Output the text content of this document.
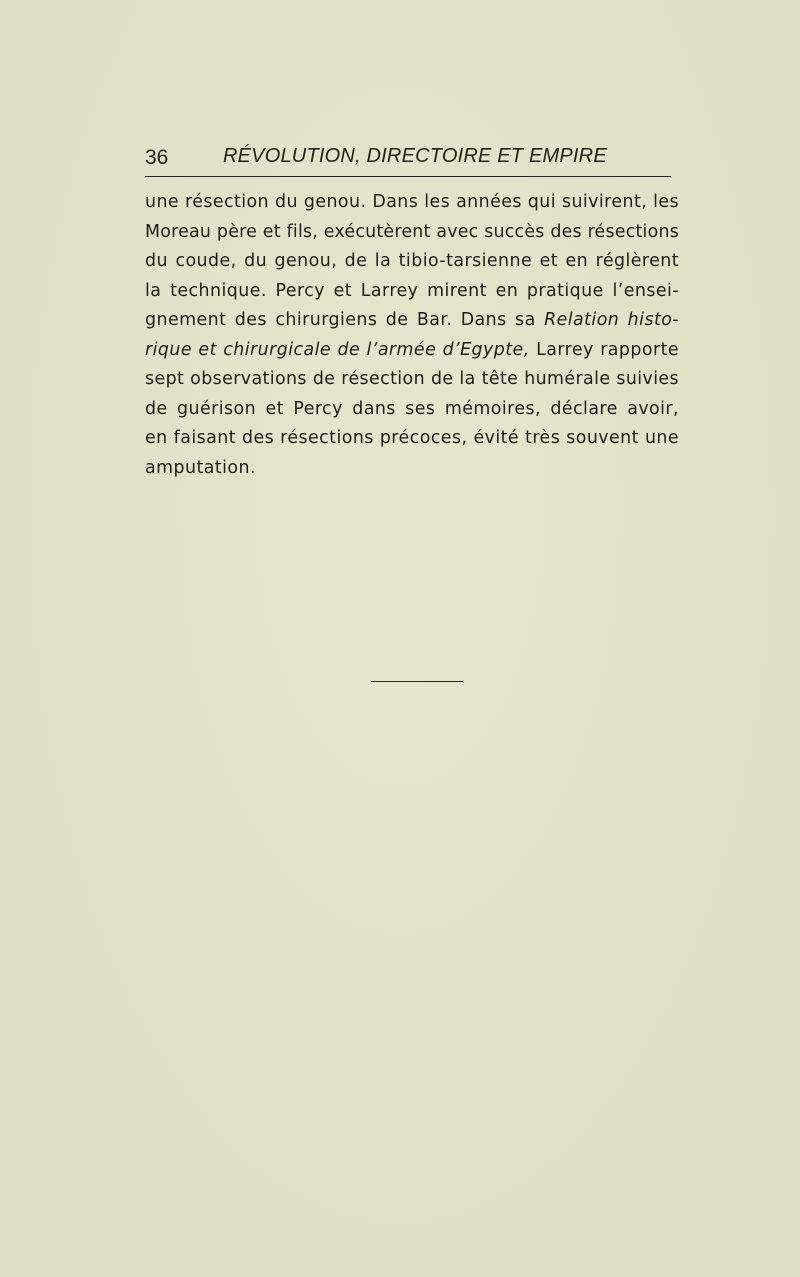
36	RÉVOLUTION, DIRECTOIRE ET EMPIRE
une résection du genou. Dans les années qui suivirent, les
Moreau père et fils, exécutèrent avec succès des résections
du coude, du genou, de la tibio-tarsienne et en réglèrent
la technique. Percy et Larrey mirent en pratique l’ensei-
gnement des chirurgiens de Bar. Dans sa Relation histo-
rique et chirurgicale de l’armée d’Egypte, Larrey rapporte
sept observations de résection de la tête humérale suivies
de guérison et Percy dans ses mémoires, déclare avoir,
en faisant des résections précoces, évité très souvent une
amputation.
